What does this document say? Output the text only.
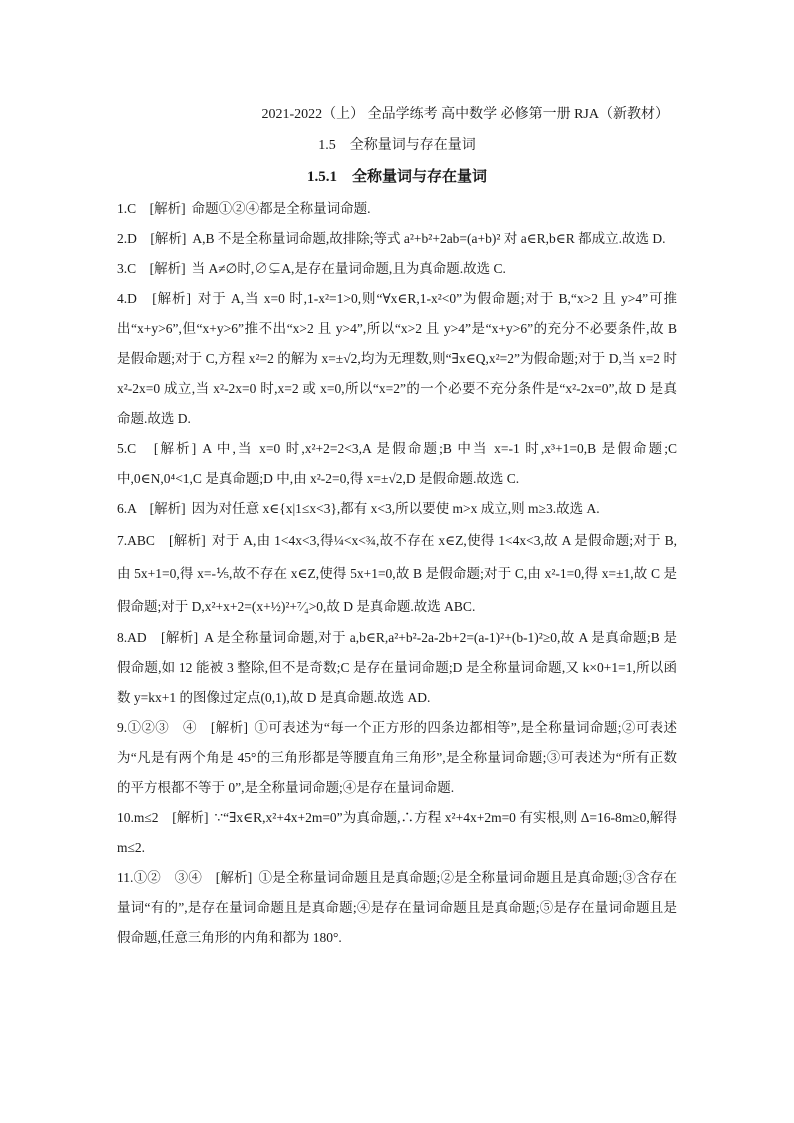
2021-2022（上） 全品学练考 高中数学 必修第一册 RJA（新教材）
1.5　全称量词与存在量词
1.5.1　全称量词与存在量词
1.C　[解析] 命题①②④都是全称量词命题.
2.D　[解析] A,B 不是全称量词命题,故排除;等式 a²+b²+2ab=(a+b)² 对 a∈R,b∈R 都成立.故选 D.
3.C　[解析] 当 A≠∅时,∅⊊A,是存在量词命题,且为真命题.故选 C.
4.D　[解析] 对于 A,当 x=0 时,1-x²=1>0,则“∀x∈R,1-x²<0”为假命题;对于 B,“x>2 且 y>4”可推出“x+y>6”,但“x+y>6”推不出“x>2 且 y>4”,所以“x>2 且 y>4”是“x+y>6”的充分不必要条件,故 B 是假命题;对于 C,方程 x²=2 的解为 x=±√2,均为无理数,则“∃x∈Q,x²=2”为假命题;对于 D,当 x=2 时 x²-2x=0 成立,当 x²-2x=0 时,x=2 或 x=0,所以“x=2”的一个必要不充分条件是“x²-2x=0”,故 D 是真命题.故选 D.
5.C　[解析] A 中,当 x=0 时,x²+2=2<3,A 是假命题;B 中当 x=-1 时,x³+1=0,B 是假命题;C 中,0∈N,0⁴<1,C 是真命题;D 中,由 x²-2=0,得 x=±√2,D 是假命题.故选 C.
6.A　[解析] 因为对任意 x∈{x|1≤x<3},都有 x<3,所以要使 m>x 成立,则 m≥3.故选 A.
7.ABC　[解析] 对于 A,由 1<4x<3,得¼<x<¾,故不存在 x∈Z,使得 1<4x<3,故 A 是假命题;对于 B,由 5x+1=0,得 x=-⅕,故不存在 x∈Z,使得 5x+1=0,故 B 是假命题;对于 C,由 x²-1=0,得 x=±1,故 C 是假命题;对于 D,x²+x+2=(x+½)²+⁷⁄₄>0,故 D 是真命题.故选 ABC.
8.AD　[解析] A 是全称量词命题,对于 a,b∈R,a²+b²-2a-2b+2=(a-1)²+(b-1)²≥0,故 A 是真命题;B 是假命题,如 12 能被 3 整除,但不是奇数;C 是存在量词命题;D 是全称量词命题,又 k×0+1=1,所以函数 y=kx+1 的图像过定点(0,1),故 D 是真命题.故选 AD.
9.①②③　④　[解析] ①可表述为“每一个正方形的四条边都相等”,是全称量词命题;②可表述为“凡是有两个角是 45°的三角形都是等腰直角三角形”,是全称量词命题;③可表述为“所有正数的平方根都不等于 0”,是全称量词命题;④是存在量词命题.
10.m≤2　[解析] ∵“∃x∈R,x²+4x+2m=0”为真命题,∴方程 x²+4x+2m=0 有实根,则 Δ=16-8m≥0,解得 m≤2.
11.①②　③④　[解析] ①是全称量词命题且是真命题;②是全称量词命题且是真命题;③含存在量词“有的”,是存在量词命题且是真命题;④是存在量词命题且是真命题;⑤是存在量词命题且是假命题,任意三角形的内角和都为 180°.
